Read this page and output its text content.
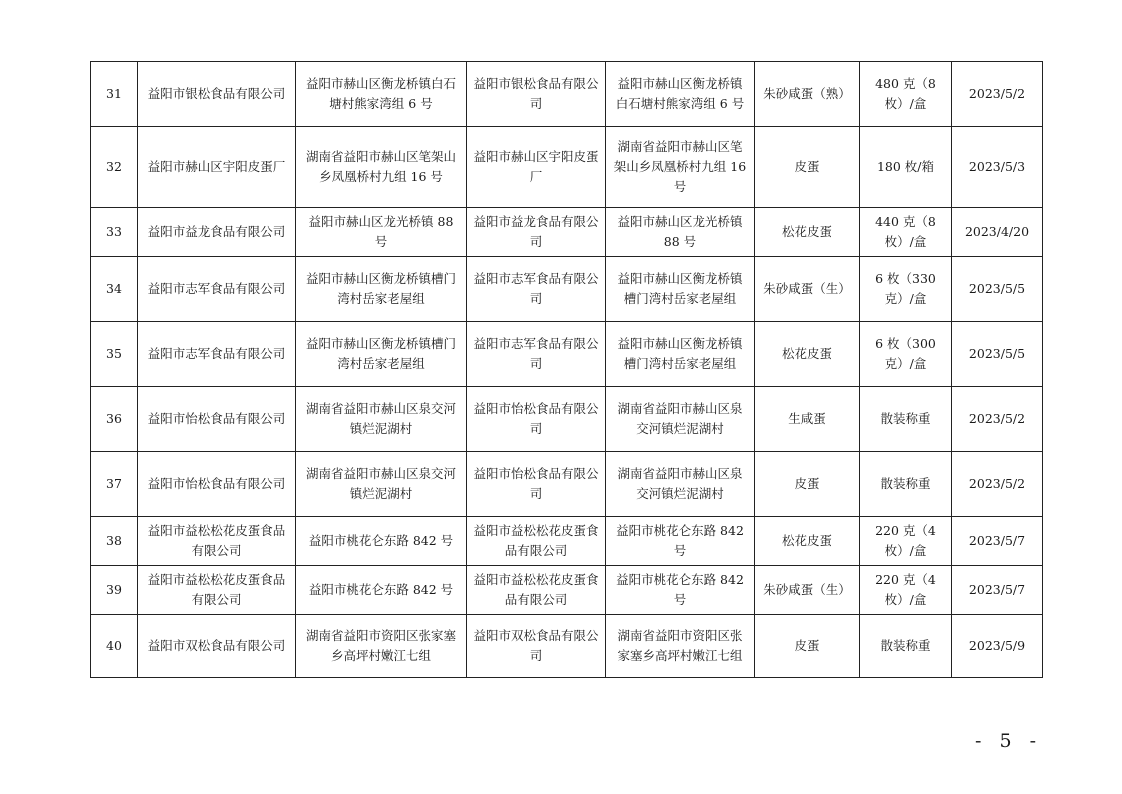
31	益阳市银松食品有限公司	益阳市赫山区衡龙桥镇白石塘村熊家湾组 6 号	益阳市银松食品有限公司	益阳市赫山区衡龙桥镇白石塘村熊家湾组 6 号	朱砂咸蛋（熟）	480 克（8 枚）/盒	2023/5/2
32	益阳市赫山区宇阳皮蛋厂	湖南省益阳市赫山区笔架山乡凤凰桥村九组 16 号	益阳市赫山区宇阳皮蛋厂	湖南省益阳市赫山区笔架山乡凤凰桥村九组 16 号	皮蛋	180 枚/箱	2023/5/3
33	益阳市益龙食品有限公司	益阳市赫山区龙光桥镇 88 号	益阳市益龙食品有限公司	益阳市赫山区龙光桥镇 88 号	松花皮蛋	440 克（8 枚）/盒	2023/4/20
34	益阳市志军食品有限公司	益阳市赫山区衡龙桥镇槽门湾村岳家老屋组	益阳市志军食品有限公司	益阳市赫山区衡龙桥镇槽门湾村岳家老屋组	朱砂咸蛋（生）	6 枚（330 克）/盒	2023/5/5
35	益阳市志军食品有限公司	益阳市赫山区衡龙桥镇槽门湾村岳家老屋组	益阳市志军食品有限公司	益阳市赫山区衡龙桥镇槽门湾村岳家老屋组	松花皮蛋	6 枚（300 克）/盒	2023/5/5
36	益阳市怡松食品有限公司	湖南省益阳市赫山区泉交河镇烂泥湖村	益阳市怡松食品有限公司	湖南省益阳市赫山区泉交河镇烂泥湖村	生咸蛋	散装称重	2023/5/2
37	益阳市怡松食品有限公司	湖南省益阳市赫山区泉交河镇烂泥湖村	益阳市怡松食品有限公司	湖南省益阳市赫山区泉交河镇烂泥湖村	皮蛋	散装称重	2023/5/2
38	益阳市益松松花皮蛋食品有限公司	益阳市桃花仑东路 842 号	益阳市益松松花皮蛋食品有限公司	益阳市桃花仑东路 842 号	松花皮蛋	220 克（4 枚）/盒	2023/5/7
39	益阳市益松松花皮蛋食品有限公司	益阳市桃花仑东路 842 号	益阳市益松松花皮蛋食品有限公司	益阳市桃花仑东路 842 号	朱砂咸蛋（生）	220 克（4 枚）/盒	2023/5/7
40	益阳市双松食品有限公司	湖南省益阳市资阳区张家塞乡高坪村嫩江七组	益阳市双松食品有限公司	湖南省益阳市资阳区张家塞乡高坪村嫩江七组	皮蛋	散装称重	2023/5/9
- 5 -
